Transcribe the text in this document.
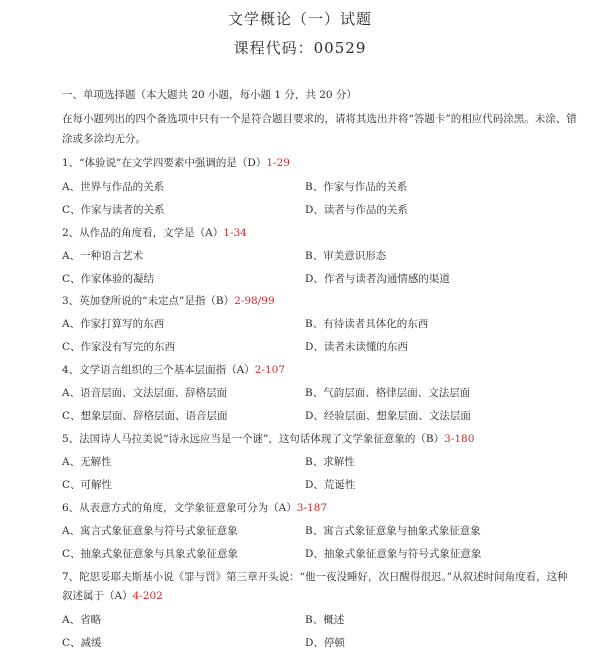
文学概论（一）试题
课程代码：00529
一、单项选择题（本大题共 20 小题，每小题 1 分，共 20 分）
在每小题列出的四个备选项中只有一个是符合题目要求的，请将其选出并将“答题卡”的相应代码涂黑。未涂、错
涂或多涂均无分。
1、“体验说”在文学四要素中强调的是（D）1-29
A、世界与作品的关系	B、作家与作品的关系
C、作家与读者的关系	D、读者与作品的关系
2、从作品的角度看，文学是（A）1-34
A、一种语言艺术	B、审美意识形态
C、作家体验的凝结	D、作者与读者沟通情感的渠道
3、英加登所说的“未定点”是指（B）2-98/99
A、作家打算写的东西	B、有待读者具体化的东西
C、作家没有写完的东西	D、读者未读懂的东西
4、文学语言组织的三个基本层面指（A）2-107
A、语音层面、文法层面、辞格层面	B、气韵层面、格律层面、文法层面
C、想象层面、辞格层面、语音层面	D、经验层面、想象层面、文法层面
5、法国诗人马拉美说“诗永远应当是一个谜”，这句话体现了文学象征意象的（B）3-180
A、无解性	B、求解性
C、可解性	D、荒诞性
6、从表意方式的角度，文学象征意象可分为（A）3-187
A、寓言式象征意象与符号式象征意象	B、寓言式象征意象与抽象式象征意象
C、抽象式象征意象与具象式象征意象	D、抽象式象征意象与符号式象征意象
7、陀思妥耶夫斯基小说《罪与罚》第三章开头说：“他一夜没睡好，次日醒得很迟。”从叙述时间角度看，这种
叙述属于（A）4-202
A、省略	B、概述
C、减缓	D、停顿
